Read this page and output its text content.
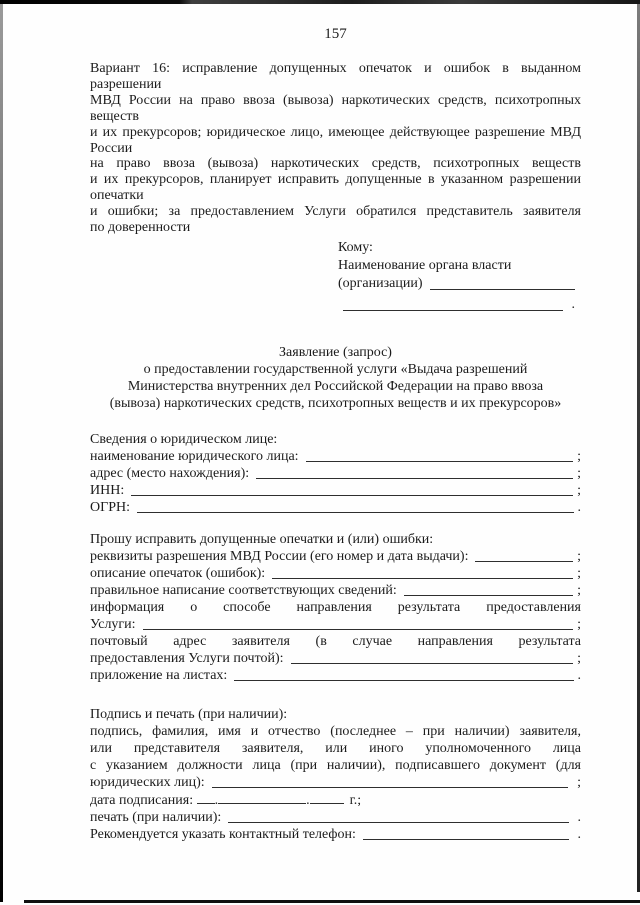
157
Вариант 16: исправление допущенных опечаток и ошибок в выданном разрешении
МВД России на право ввоза (вывоза) наркотических средств, психотропных веществ
и их прекурсоров; юридическое лицо, имеющее действующее разрешение МВД России
на право ввоза (вывоза) наркотических средств, психотропных веществ
и их прекурсоров, планирует исправить допущенные в указанном разрешении опечатки
и ошибки; за предоставлением Услуги обратился представитель заявителя
по доверенности
Кому:
Наименование органа власти
(организации)
.
Заявление (запрос)
о предоставлении государственной услуги «Выдача разрешений
Министерства внутренних дел Российской Федерации на право ввоза
(вывоза) наркотических средств, психотропных веществ и их прекурсоров»
Сведения о юридическом лице:
наименование юридического лица:	;
адрес (место нахождения):	;
ИНН:	;
ОГРН:	.
Прошу исправить допущенные опечатки и (или) ошибки:
реквизиты разрешения МВД России (его номер и дата выдачи):	;
описание опечаток (ошибок):	;
правильное написание соответствующих сведений:	;
информация о способе направления результата предоставления
Услуги:	;
почтовый адрес заявителя (в случае направления результата
предоставления Услуги почтой):	;
приложение на листах:	.
Подпись и печать (при наличии):
подпись, фамилия, имя и отчество (последнее – при наличии) заявителя,
или представителя заявителя, или иного уполномоченного лица
с указанием должности лица (при наличии), подписавшего документ (для
юридических лиц):	;
дата подписания: .	.	г.;
печать (при наличии):	.
Рекомендуется указать контактный телефон:	.
